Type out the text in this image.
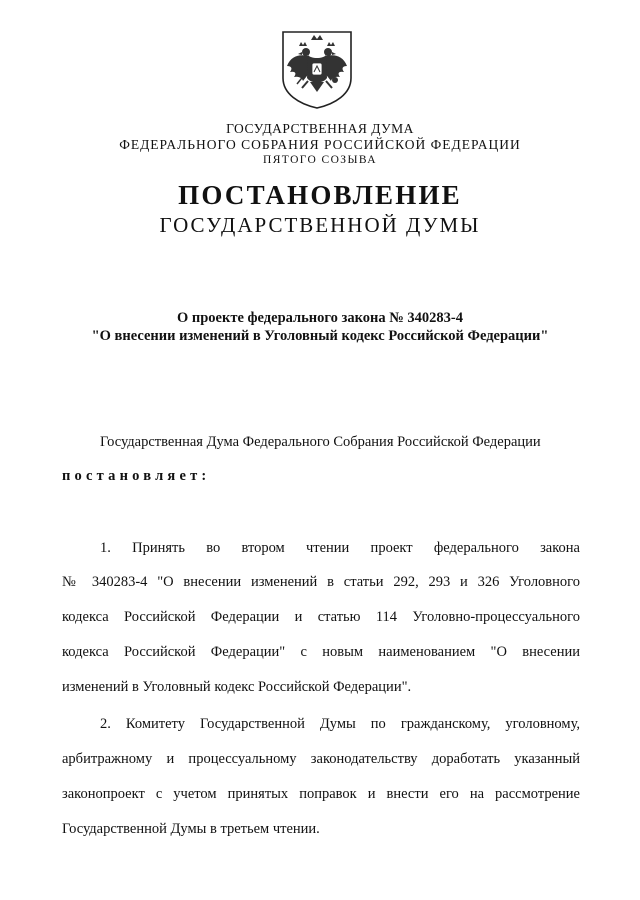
ГОСУДАРСТВЕННАЯ ДУМА
ФЕДЕРАЛЬНОГО СОБРАНИЯ РОССИЙСКОЙ ФЕДЕРАЦИИ
ПЯТОГО СОЗЫВА
ПОСТАНОВЛЕНИЕ
ГОСУДАРСТВЕННОЙ ДУМЫ
О проекте федерального закона № 340283-4
"О внесении изменений в Уголовный кодекс Российской Федерации"
Государственная Дума Федерального Собрания Российской Федерации
постановляет:
1. Принять во втором чтении проект федерального закона
№ 340283-4 "О внесении изменений в статьи 292, 293 и 326 Уголовного
кодекса Российской Федерации и статью 114 Уголовно-процессуального
кодекса Российской Федерации" с новым наименованием "О внесении
изменений в Уголовный кодекс Российской Федерации".
2. Комитету Государственной Думы по гражданскому, уголовному,
арбитражному и процессуальному законодательству доработать указанный
законопроект с учетом принятых поправок и внести его на рассмотрение
Государственной Думы в третьем чтении.
